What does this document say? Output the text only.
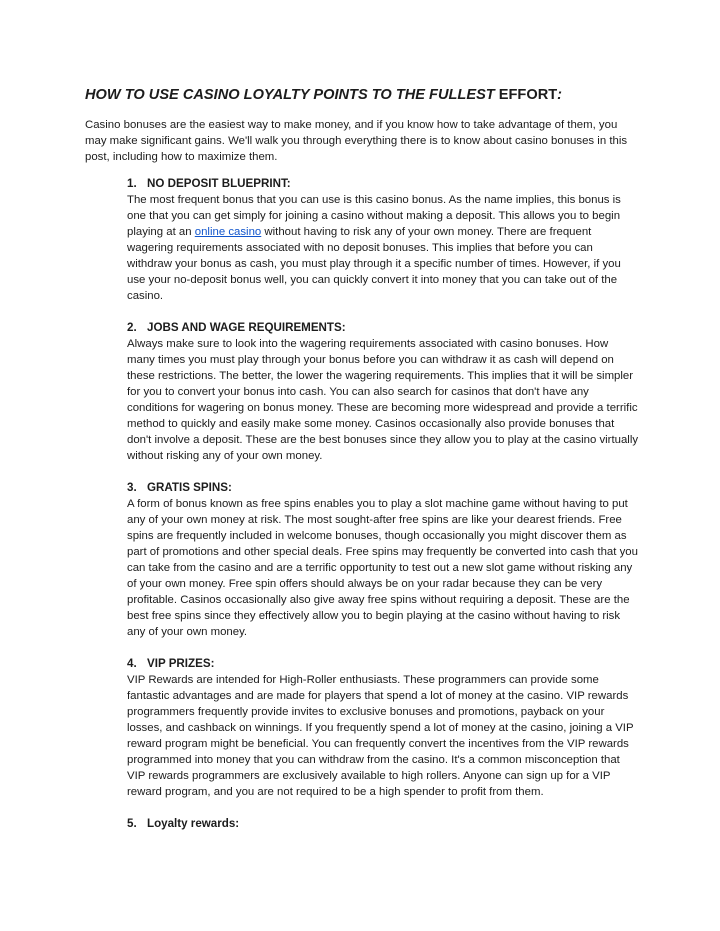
HOW TO USE CASINO LOYALTY POINTS TO THE FULLEST EFFORT:

Casino bonuses are the easiest way to make money, and if you know how to take advantage of them, you may make significant gains. We'll walk you through everything there is to know about casino bonuses in this post, including how to maximize them.

1. NO DEPOSIT BLUEPRINT:

The most frequent bonus that you can use is this casino bonus. As the name implies, this bonus is one that you can get simply for joining a casino without making a deposit. This allows you to begin playing at an online casino without having to risk any of your own money. There are frequent wagering requirements associated with no deposit bonuses. This implies that before you can withdraw your bonus as cash, you must play through it a specific number of times. However, if you use your no-deposit bonus well, you can quickly convert it into money that you can take out of the casino.

2. JOBS AND WAGE REQUIREMENTS:

Always make sure to look into the wagering requirements associated with casino bonuses. How many times you must play through your bonus before you can withdraw it as cash will depend on these restrictions. The better, the lower the wagering requirements. This implies that it will be simpler for you to convert your bonus into cash. You can also search for casinos that don't have any conditions for wagering on bonus money. These are becoming more widespread and provide a terrific method to quickly and easily make some money. Casinos occasionally also provide bonuses that don't involve a deposit. These are the best bonuses since they allow you to play at the casino virtually without risking any of your own money.

3. GRATIS SPINS:

A form of bonus known as free spins enables you to play a slot machine game without having to put any of your own money at risk. The most sought-after free spins are like your dearest friends. Free spins are frequently included in welcome bonuses, though occasionally you might discover them as part of promotions and other special deals. Free spins may frequently be converted into cash that you can take from the casino and are a terrific opportunity to test out a new slot game without risking any of your own money. Free spin offers should always be on your radar because they can be very profitable. Casinos occasionally also give away free spins without requiring a deposit. These are the best free spins since they effectively allow you to begin playing at the casino without having to risk any of your own money.

4. VIP PRIZES:

VIP Rewards are intended for High-Roller enthusiasts. These programmers can provide some fantastic advantages and are made for players that spend a lot of money at the casino. VIP rewards programmers frequently provide invites to exclusive bonuses and promotions, payback on your losses, and cashback on winnings. If you frequently spend a lot of money at the casino, joining a VIP reward program might be beneficial. You can frequently convert the incentives from the VIP rewards programmed into money that you can withdraw from the casino. It's a common misconception that VIP rewards programmers are exclusively available to high rollers. Anyone can sign up for a VIP reward program, and you are not required to be a high spender to profit from them.

5. Loyalty rewards:
